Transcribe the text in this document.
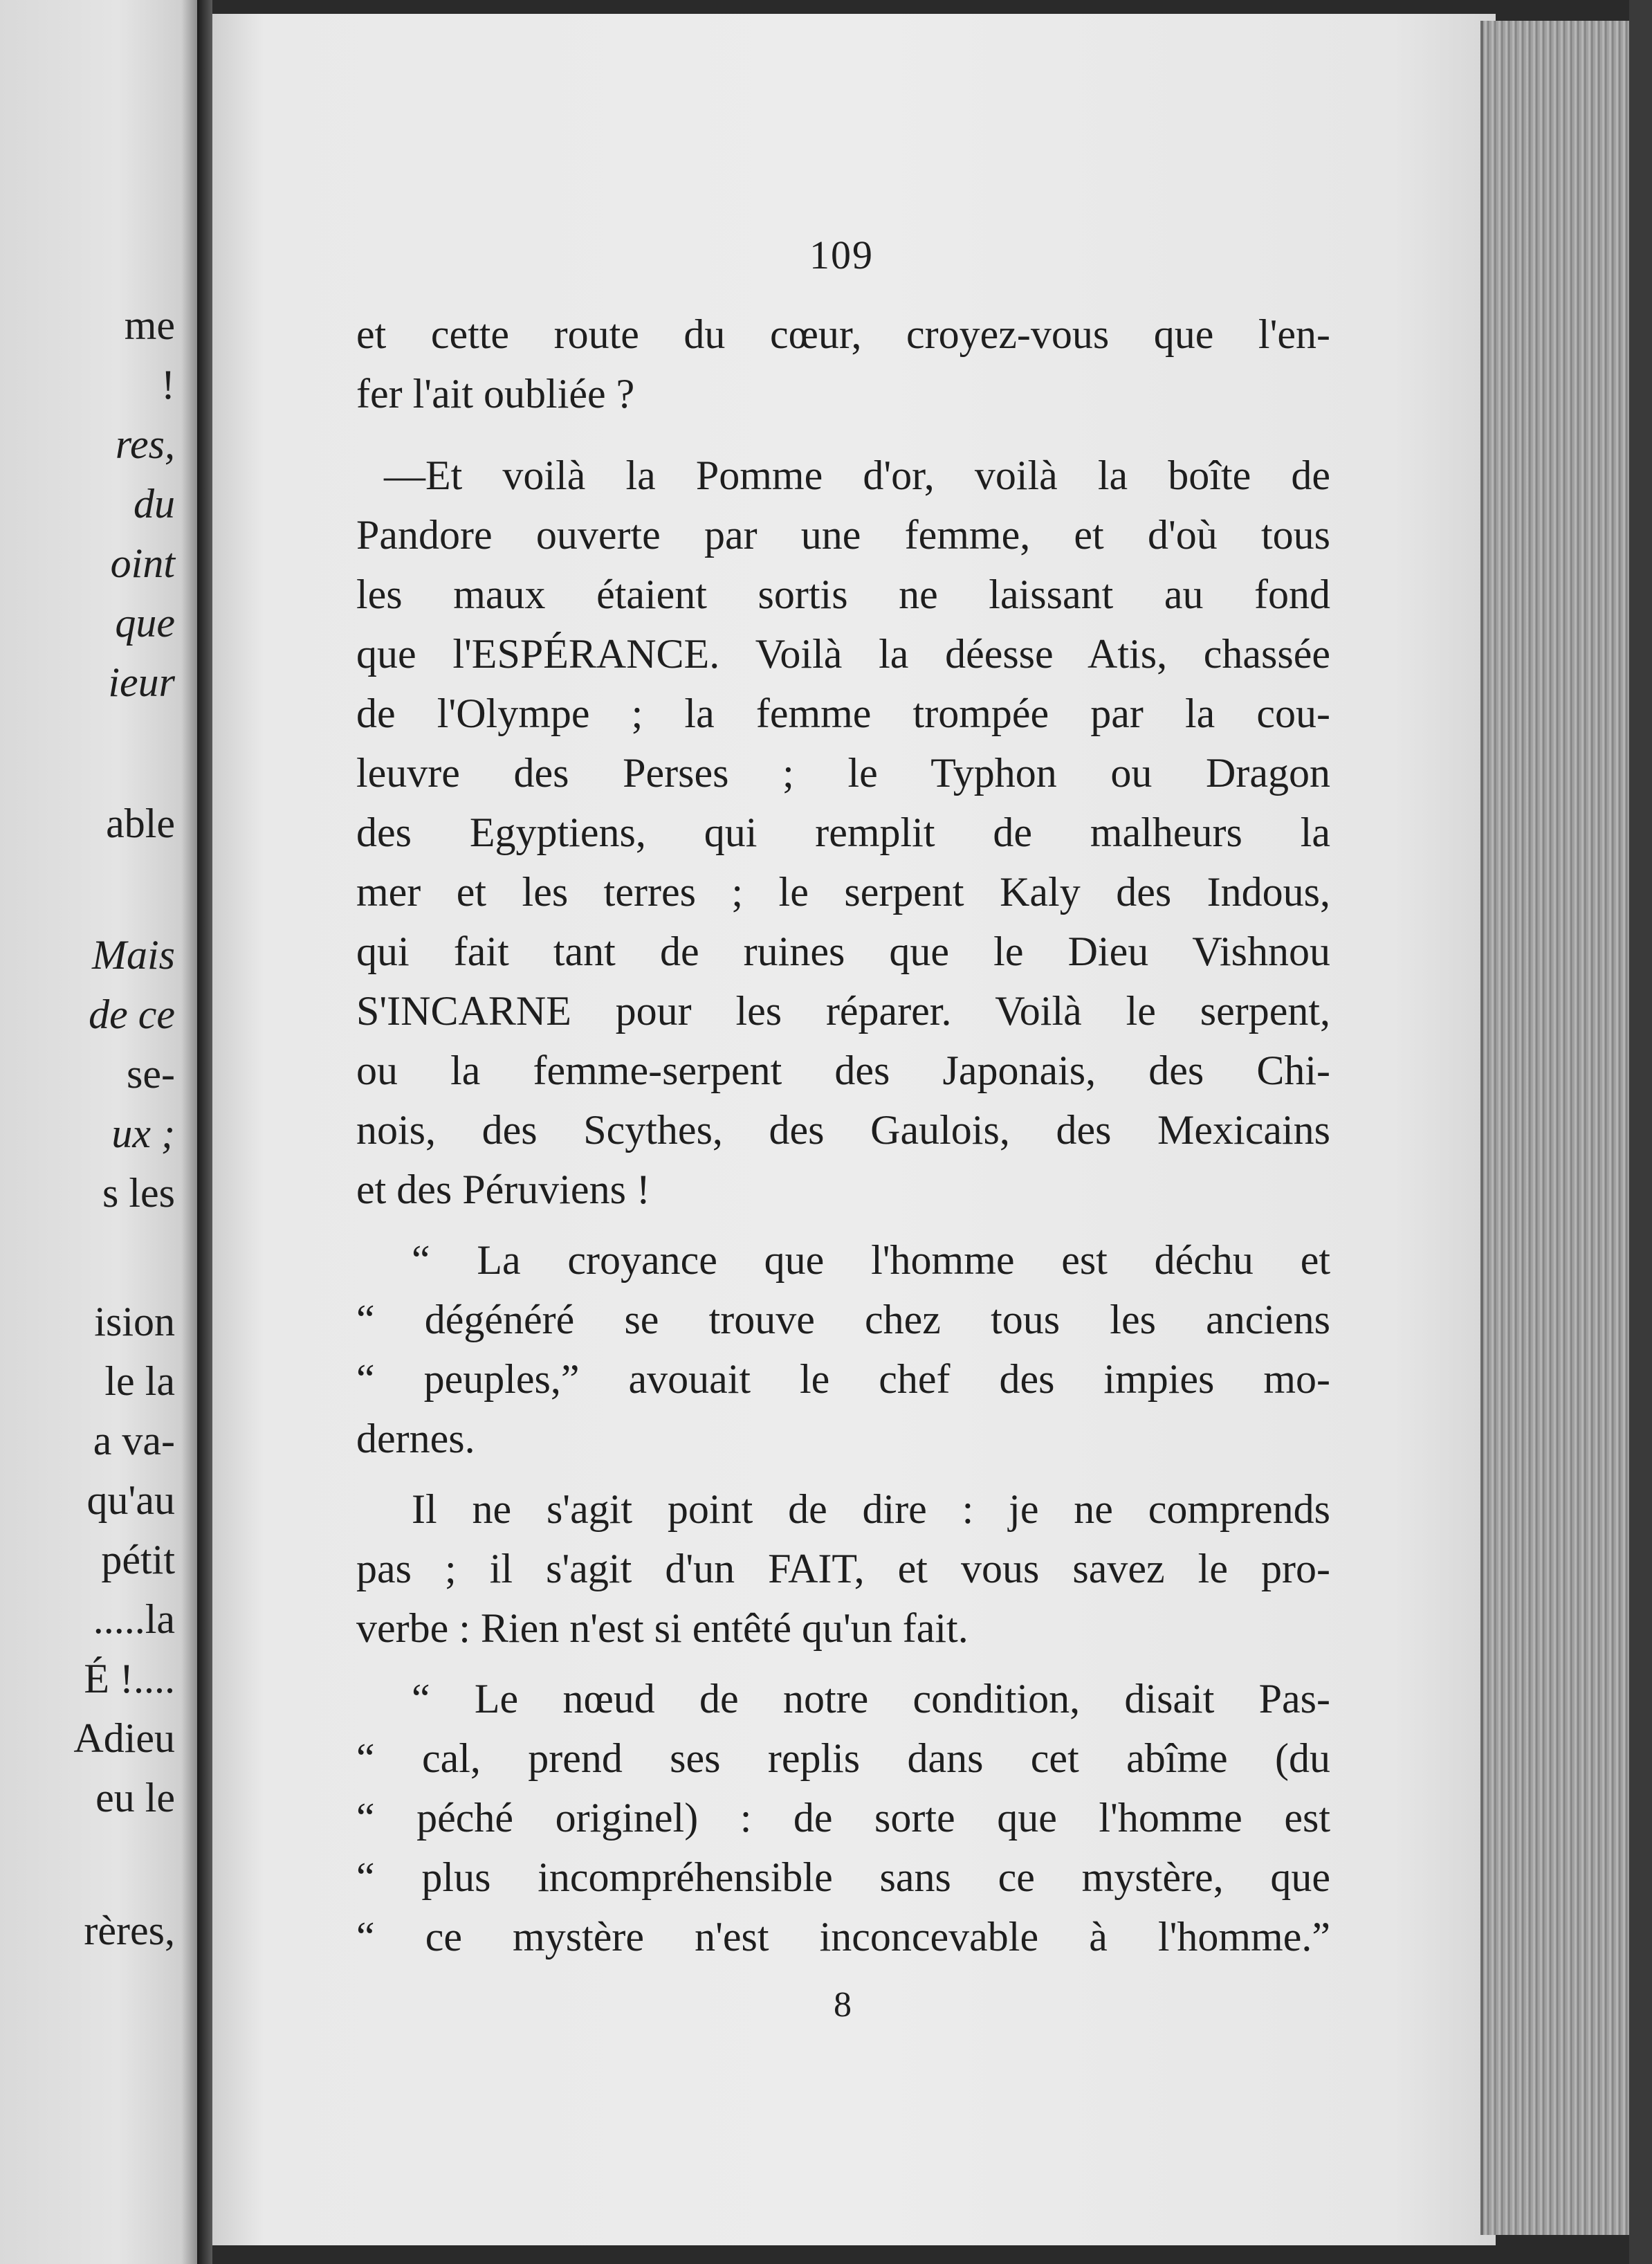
me
!
res,
du
oint
que
ieur
able
Mais
de ce
se-
ux ;
s les
ision
le la
a va-
qu'au
pétit
.....la
É !....
Adieu
eu le
rères,
109
et cette route du cœur, croyez-vous que l'en-
fer l'ait oubliée ?
—Et voilà la Pomme d'or, voilà la boîte de
Pandore ouverte par une femme, et d'où tous
les maux étaient sortis ne laissant au fond
que l'ESPÉRANCE. Voilà la déesse Atis, chassée
de l'Olympe ; la femme trompée par la cou-
leuvre des Perses ; le Typhon ou Dragon
des Egyptiens, qui remplit de malheurs la
mer et les terres ; le serpent Kaly des Indous,
qui fait tant de ruines que le Dieu Vishnou
S'INCARNE pour les réparer. Voilà le serpent,
ou la femme-serpent des Japonais, des Chi-
nois, des Scythes, des Gaulois, des Mexicains
et des Péruviens !
“ La croyance que l'homme est déchu et
“ dégénéré se trouve chez tous les anciens
“ peuples,” avouait le chef des impies mo-
dernes.
Il ne s'agit point de dire : je ne comprends
pas ; il s'agit d'un FAIT, et vous savez le pro-
verbe : Rien n'est si entêté qu'un fait.
“ Le nœud de notre condition, disait Pas-
“ cal, prend ses replis dans cet abîme (du
“ péché originel) : de sorte que l'homme est
“ plus incompréhensible sans ce mystère, que
“ ce mystère n'est inconcevable à l'homme.”
8
